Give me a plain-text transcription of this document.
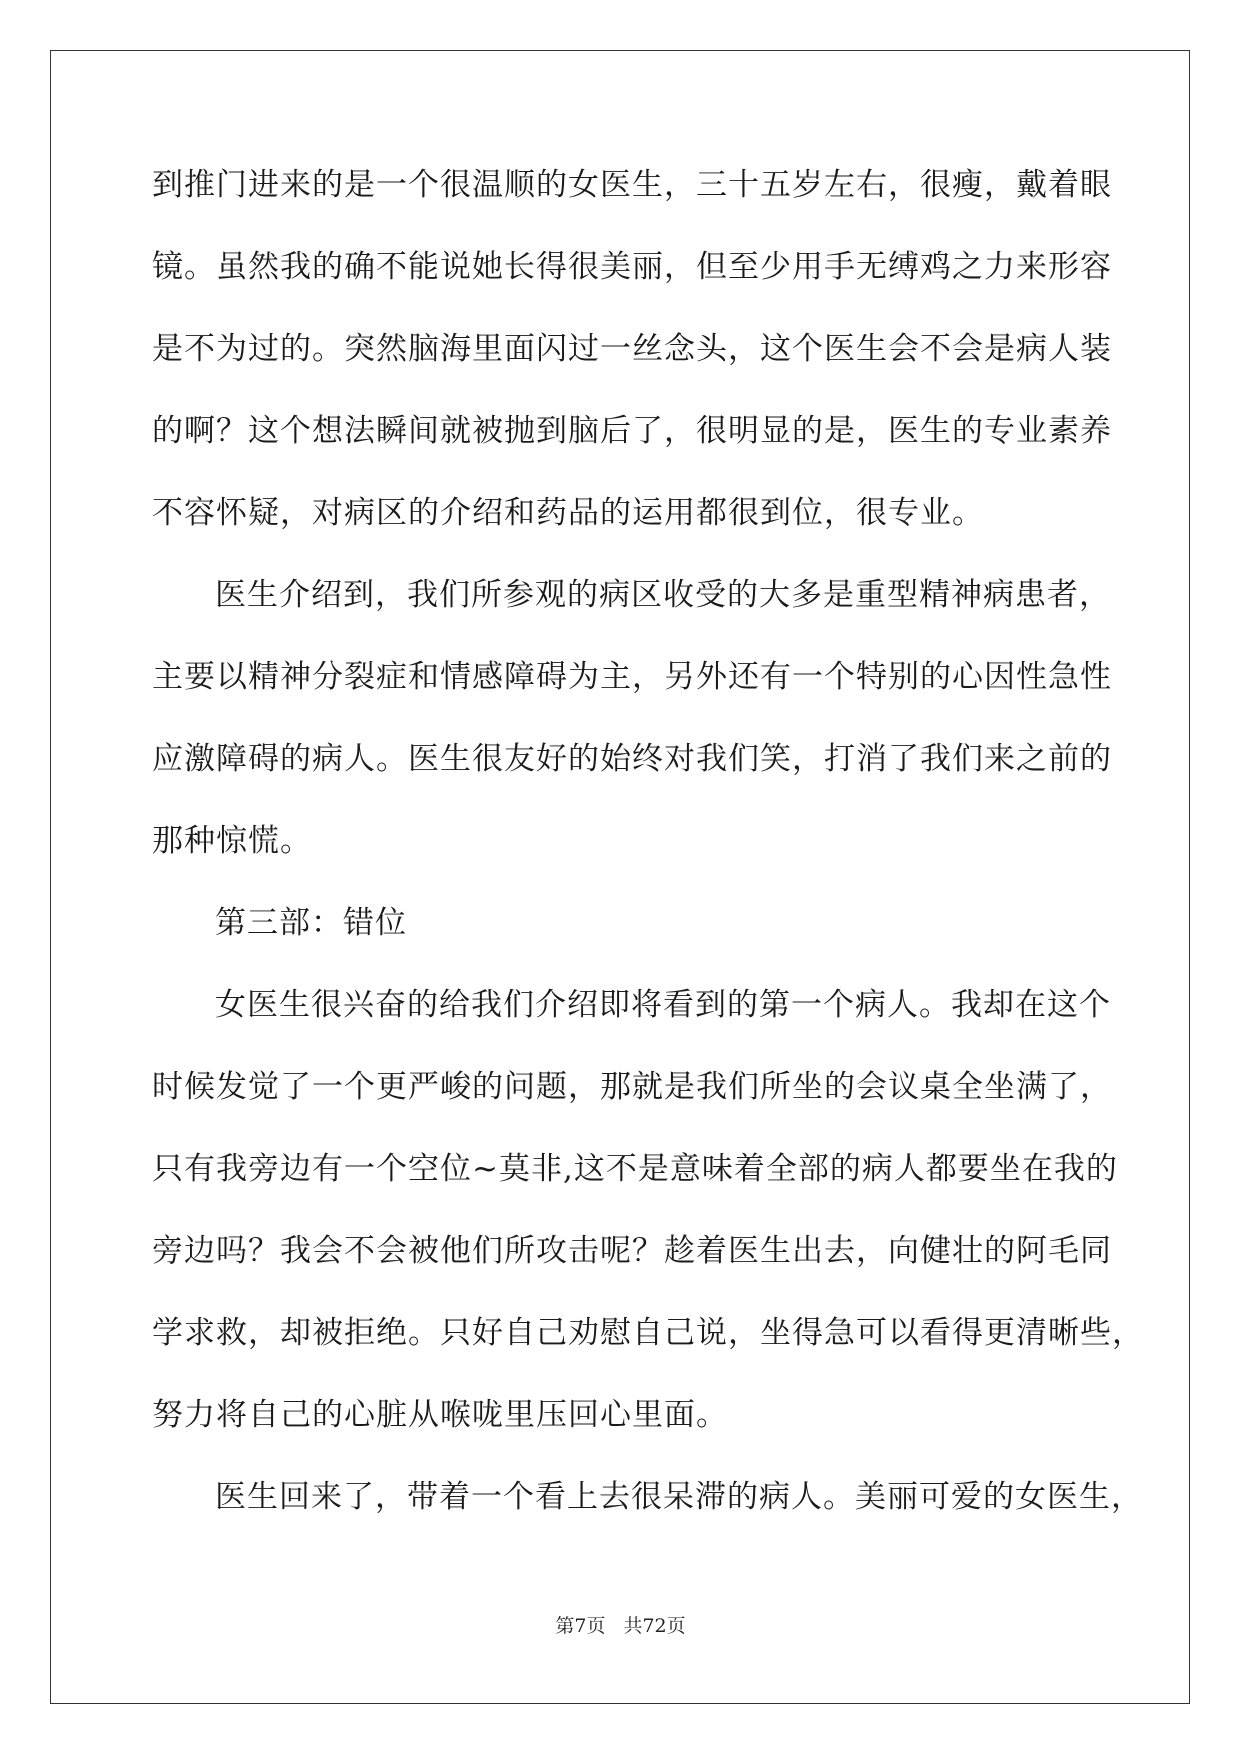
到推门进来的是一个很温顺的女医生，三十五岁左右，很瘦，戴着眼
镜。虽然我的确不能说她长得很美丽，但至少用手无缚鸡之力来形容
是不为过的。突然脑海里面闪过一丝念头，这个医生会不会是病人装
的啊？这个想法瞬间就被抛到脑后了，很明显的是，医生的专业素养
不容怀疑，对病区的介绍和药品的运用都很到位，很专业。
医生介绍到，我们所参观的病区收受的大多是重型精神病患者，
主要以精神分裂症和情感障碍为主，另外还有一个特别的心因性急性
应激障碍的病人。医生很友好的始终对我们笑，打消了我们来之前的
那种惊慌。
第三部：错位
女医生很兴奋的给我们介绍即将看到的第一个病人。我却在这个
时候发觉了一个更严峻的问题，那就是我们所坐的会议桌全坐满了，
只有我旁边有一个空位~莫非,这不是意味着全部的病人都要坐在我的
旁边吗？我会不会被他们所攻击呢？趁着医生出去，向健壮的阿毛同
学求救，却被拒绝。只好自己劝慰自己说，坐得急可以看得更清晰些，
努力将自己的心脏从喉咙里压回心里面。
医生回来了，带着一个看上去很呆滞的病人。美丽可爱的女医生，
第7页 共72页
